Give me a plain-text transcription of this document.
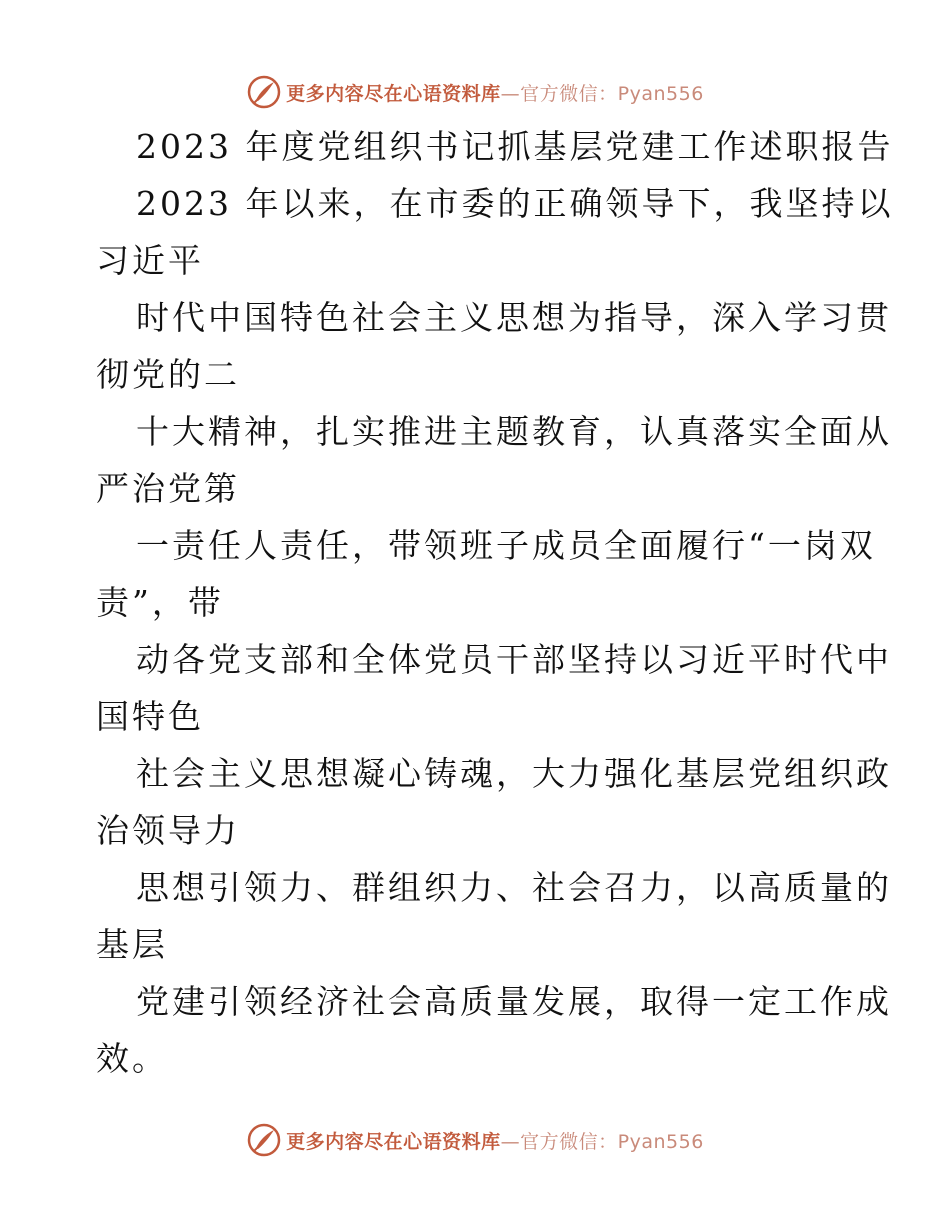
更多内容尽在心语资料库—官方微信：Pyan556
2023 年度党组织书记抓基层党建工作述职报告
2023 年以来，在市委的正确领导下，我坚持以
习近平
时代中国特色社会主义思想为指导，深入学习贯
彻党的二
十大精神，扎实推进主题教育，认真落实全面从
严治党第
一责任人责任，带领班子成员全面履行“一岗双
责”，带
动各党支部和全体党员干部坚持以习近平时代中
国特色
社会主义思想凝心铸魂，大力强化基层党组织政
治领导力
思想引领力、群组织力、社会召力，以高质量的
基层
党建引领经济社会高质量发展，取得一定工作成
效。
更多内容尽在心语资料库—官方微信：Pyan556
